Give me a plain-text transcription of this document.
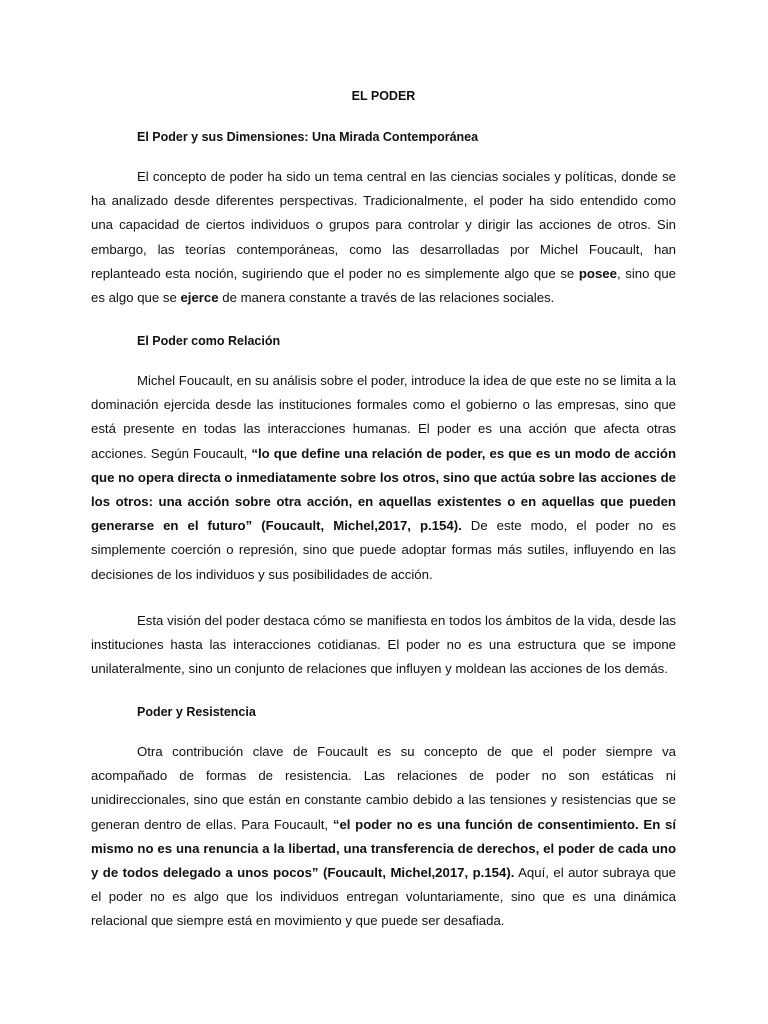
EL PODER
El Poder y sus Dimensiones: Una Mirada Contemporánea

El concepto de poder ha sido un tema central en las ciencias sociales y políticas, donde se ha analizado desde diferentes perspectivas. Tradicionalmente, el poder ha sido entendido como una capacidad de ciertos individuos o grupos para controlar y dirigir las acciones de otros. Sin embargo, las teorías contemporáneas, como las desarrolladas por Michel Foucault, han replanteado esta noción, sugiriendo que el poder no es simplemente algo que se posee, sino que es algo que se ejerce de manera constante a través de las relaciones sociales.

El Poder como Relación

Michel Foucault, en su análisis sobre el poder, introduce la idea de que este no se limita a la dominación ejercida desde las instituciones formales como el gobierno o las empresas, sino que está presente en todas las interacciones humanas. El poder es una acción que afecta otras acciones. Según Foucault, “lo que define una relación de poder, es que es un modo de acción que no opera directa o inmediatamente sobre los otros, sino que actúa sobre las acciones de los otros: una acción sobre otra acción, en aquellas existentes o en aquellas que pueden generarse en el futuro” (Foucault, Michel,2017, p.154). De este modo, el poder no es simplemente coerción o represión, sino que puede adoptar formas más sutiles, influyendo en las decisiones de los individuos y sus posibilidades de acción.

Esta visión del poder destaca cómo se manifiesta en todos los ámbitos de la vida, desde las instituciones hasta las interacciones cotidianas. El poder no es una estructura que se impone unilateralmente, sino un conjunto de relaciones que influyen y moldean las acciones de los demás.

Poder y Resistencia

Otra contribución clave de Foucault es su concepto de que el poder siempre va acompañado de formas de resistencia. Las relaciones de poder no son estáticas ni unidireccionales, sino que están en constante cambio debido a las tensiones y resistencias que se generan dentro de ellas. Para Foucault, “el poder no es una función de consentimiento. En sí mismo no es una renuncia a la libertad, una transferencia de derechos, el poder de cada uno y de todos delegado a unos pocos” (Foucault, Michel,2017, p.154). Aquí, el autor subraya que el poder no es algo que los individuos entregan voluntariamente, sino que es una dinámica relacional que siempre está en movimiento y que puede ser desafiada.
